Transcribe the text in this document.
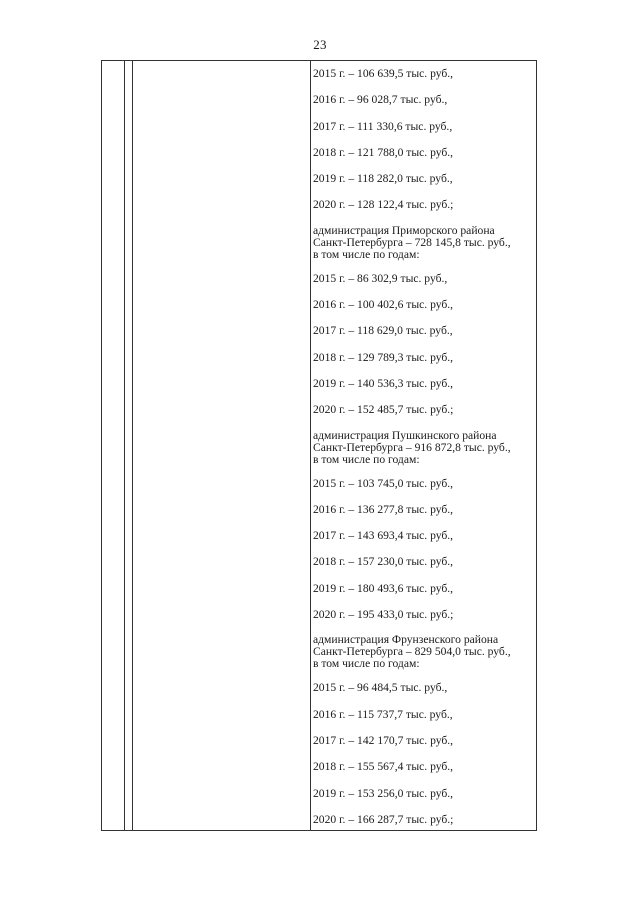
23
2015 г. – 106 639,5 тыс. руб.,
2016 г. – 96 028,7 тыс. руб.,
2017 г. – 111 330,6 тыс. руб.,
2018 г. – 121 788,0 тыс. руб.,
2019 г. – 118 282,0 тыс. руб.,
2020 г. – 128 122,4 тыс. руб.;
администрация Приморского района
Санкт-Петербурга – 728 145,8 тыс. руб.,
в том числе по годам:
2015 г. – 86 302,9 тыс. руб.,
2016 г. – 100 402,6 тыс. руб.,
2017 г. – 118 629,0 тыс. руб.,
2018 г. – 129 789,3 тыс. руб.,
2019 г. – 140 536,3 тыс. руб.,
2020 г. – 152 485,7 тыс. руб.;
администрация Пушкинского района
Санкт-Петербурга – 916 872,8 тыс. руб.,
в том числе по годам:
2015 г. – 103 745,0 тыс. руб.,
2016 г. – 136 277,8 тыс. руб.,
2017 г. – 143 693,4 тыс. руб.,
2018 г. – 157 230,0 тыс. руб.,
2019 г. – 180 493,6 тыс. руб.,
2020 г. – 195 433,0 тыс. руб.;
администрация Фрунзенского района
Санкт-Петербурга – 829 504,0 тыс. руб.,
в том числе по годам:
2015 г. – 96 484,5 тыс. руб.,
2016 г. – 115 737,7 тыс. руб.,
2017 г. – 142 170,7 тыс. руб.,
2018 г. – 155 567,4 тыс. руб.,
2019 г. – 153 256,0 тыс. руб.,
2020 г. – 166 287,7 тыс. руб.;
